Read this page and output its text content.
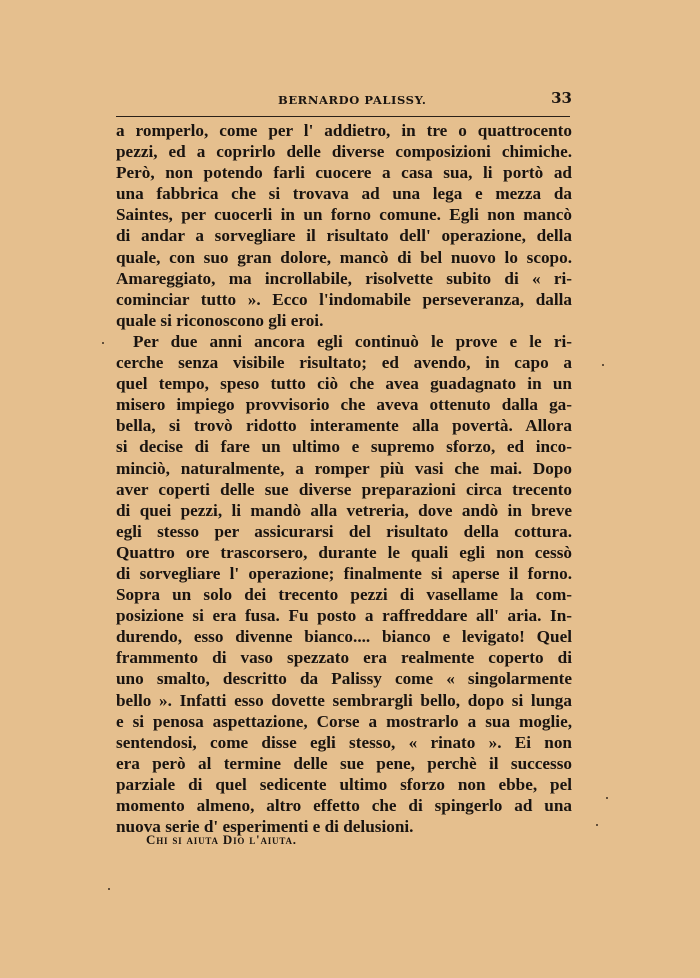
BERNARDO PALISSY.	33
a romperlo, come per l' addietro, in tre o quattrocento
pezzi, ed a coprirlo delle diverse composizioni chimiche.
Però, non potendo farli cuocere a casa sua, li portò ad
una fabbrica che si trovava ad una lega e mezza da
Saintes, per cuocerli in un forno comune. Egli non mancò
di andar a sorvegliare il risultato dell' operazione, della
quale, con suo gran dolore, mancò di bel nuovo lo scopo.
Amareggiato, ma incrollabile, risolvette subito di « ri-
cominciar tutto ». Ecco l'indomabile perseveranza, dalla
quale si riconoscono gli eroi.
Per due anni ancora egli continuò le prove e le ri-
cerche senza visibile risultato; ed avendo, in capo a
quel tempo, speso tutto ciò che avea guadagnato in un
misero impiego provvisorio che aveva ottenuto dalla ga-
bella, si trovò ridotto interamente alla povertà. Allora
si decise di fare un ultimo e supremo sforzo, ed inco-
minciò, naturalmente, a romper più vasi che mai. Dopo
aver coperti delle sue diverse preparazioni circa trecento
di quei pezzi, li mandò alla vetreria, dove andò in breve
egli stesso per assicurarsi del risultato della cottura.
Quattro ore trascorsero, durante le quali egli non cessò
di sorvegliare l' operazione; finalmente si aperse il forno.
Sopra un solo dei trecento pezzi di vasellame la com-
posizione si era fusa. Fu posto a raffreddare all' aria. In-
durendo, esso divenne bianco.... bianco e levigato! Quel
frammento di vaso spezzato era realmente coperto di
uno smalto, descritto da Palissy come « singolarmente
bello ». Infatti esso dovette sembrargli bello, dopo si lunga
e si penosa aspettazione, Corse a mostrarlo a sua moglie,
sentendosi, come disse egli stesso, « rinato ». Ei non
era però al termine delle sue pene, perchè il successo
parziale di quel sedicente ultimo sforzo non ebbe, pel
momento almeno, altro effetto che di spingerlo ad una
nuova serie d' esperimenti e di delusioni.
Chi si aiuta Dio l'aiuta.
